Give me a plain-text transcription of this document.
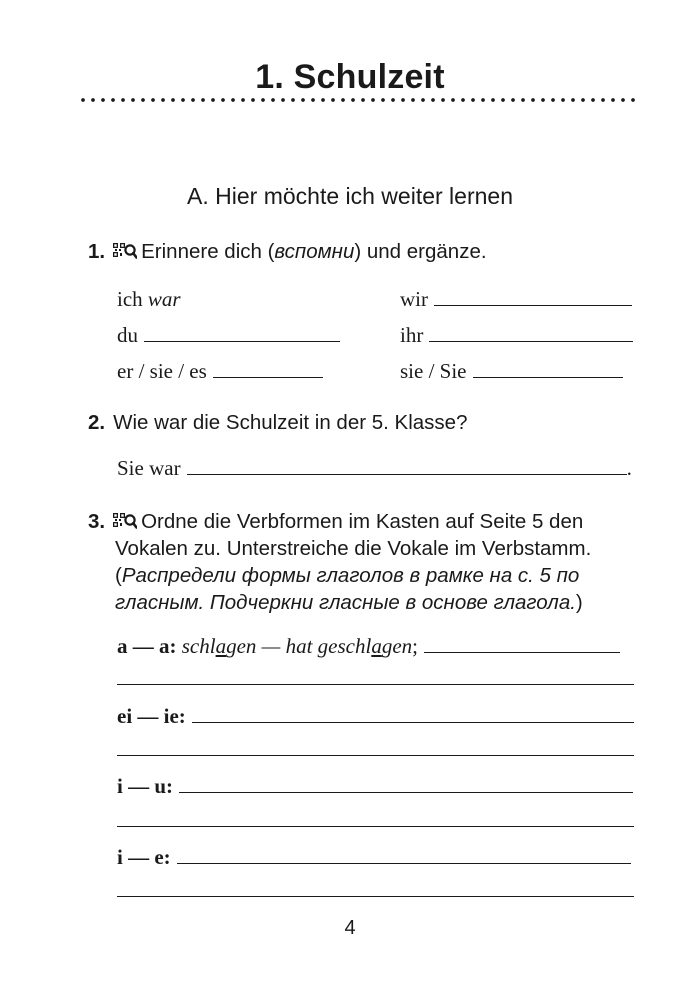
1. Schulzeit
A. Hier möchte ich weiter lernen
1. Erinnere dich (вспомни) und ergänze.
ich
war
du
er / sie / es
wir
ihr
sie / Sie
2. Wie war die Schulzeit in der 5. Klasse?
Sie war	.
3. Ordne die Verbformen im Kasten auf Seite 5 den
Vokalen zu. Unterstreiche die Vokale im Verbstamm.
(Распредели формы глаголов в рамке на с. 5 по
гласным. Подчеркни гласные в основе глагола.)
a — a:
schlagen — hat geschlagen ;
ei — ie:
i — u:
i — e:
4
